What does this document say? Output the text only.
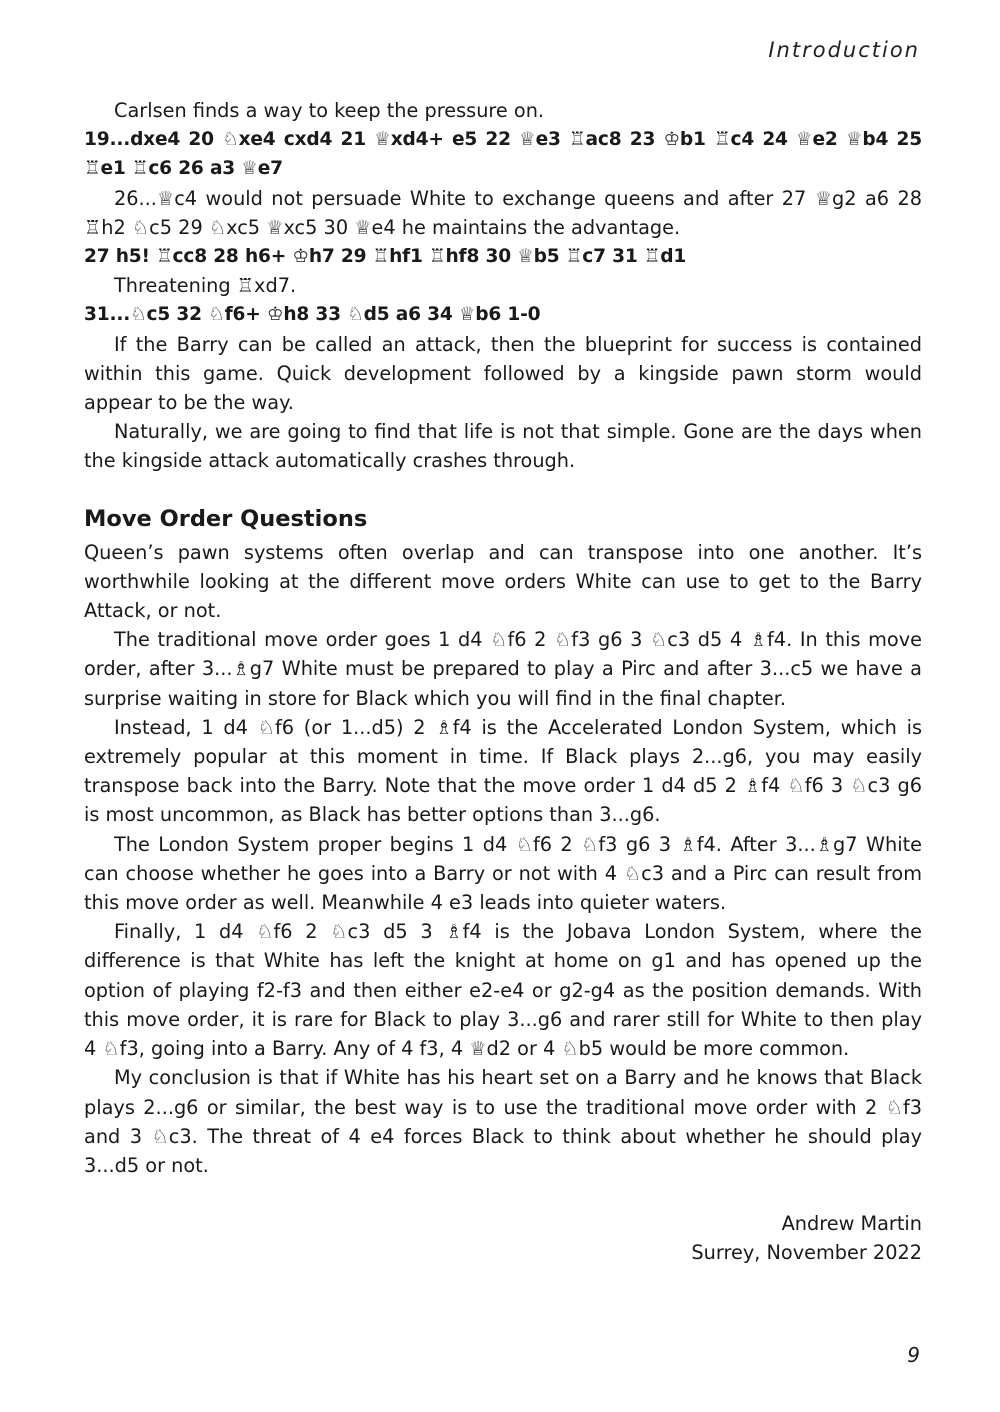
Introduction

Carlsen finds a way to keep the pressure on.

19...dxe4 20 ♘xe4 cxd4 21 ♕xd4+ e5 22 ♕e3 ♖ac8 23 ♔b1 ♖c4 24 ♕e2 ♕b4 25 ♖e1 ♖c6 26 a3 ♕e7

26...♕c4 would not persuade White to exchange queens and after 27 ♕g2 a6 28 ♖h2 ♘c5 29 ♘xc5 ♕xc5 30 ♕e4 he maintains the advantage.

27 h5! ♖cc8 28 h6+ ♔h7 29 ♖hf1 ♖hf8 30 ♕b5 ♖c7 31 ♖d1

Threatening ♖xd7.

31...♘c5 32 ♘f6+ ♔h8 33 ♘d5 a6 34 ♕b6 1-0

If the Barry can be called an attack, then the blueprint for success is contained within this game. Quick development followed by a kingside pawn storm would appear to be the way.

Naturally, we are going to find that life is not that simple. Gone are the days when the kingside attack automatically crashes through.

Move Order Questions

Queen’s pawn systems often overlap and can transpose into one another. It’s worthwhile looking at the different move orders White can use to get to the Barry Attack, or not.

The traditional move order goes 1 d4 ♘f6 2 ♘f3 g6 3 ♘c3 d5 4 ♗f4. In this move order, after 3...♗g7 White must be prepared to play a Pirc and after 3...c5 we have a surprise waiting in store for Black which you will find in the final chapter.

Instead, 1 d4 ♘f6 (or 1...d5) 2 ♗f4 is the Accelerated London System, which is extremely popular at this moment in time. If Black plays 2...g6, you may easily transpose back into the Barry. Note that the move order 1 d4 d5 2 ♗f4 ♘f6 3 ♘c3 g6 is most uncommon, as Black has better options than 3...g6.

The London System proper begins 1 d4 ♘f6 2 ♘f3 g6 3 ♗f4. After 3...♗g7 White can choose whether he goes into a Barry or not with 4 ♘c3 and a Pirc can result from this move order as well. Meanwhile 4 e3 leads into quieter waters.

Finally, 1 d4 ♘f6 2 ♘c3 d5 3 ♗f4 is the Jobava London System, where the difference is that White has left the knight at home on g1 and has opened up the option of playing f2-f3 and then either e2-e4 or g2-g4 as the position demands. With this move order, it is rare for Black to play 3...g6 and rarer still for White to then play 4 ♘f3, going into a Barry. Any of 4 f3, 4 ♕d2 or 4 ♘b5 would be more common.

My conclusion is that if White has his heart set on a Barry and he knows that Black plays 2...g6 or similar, the best way is to use the traditional move order with 2 ♘f3 and 3 ♘c3. The threat of 4 e4 forces Black to think about whether he should play 3...d5 or not.

Andrew Martin
Surrey, November 2022
9
